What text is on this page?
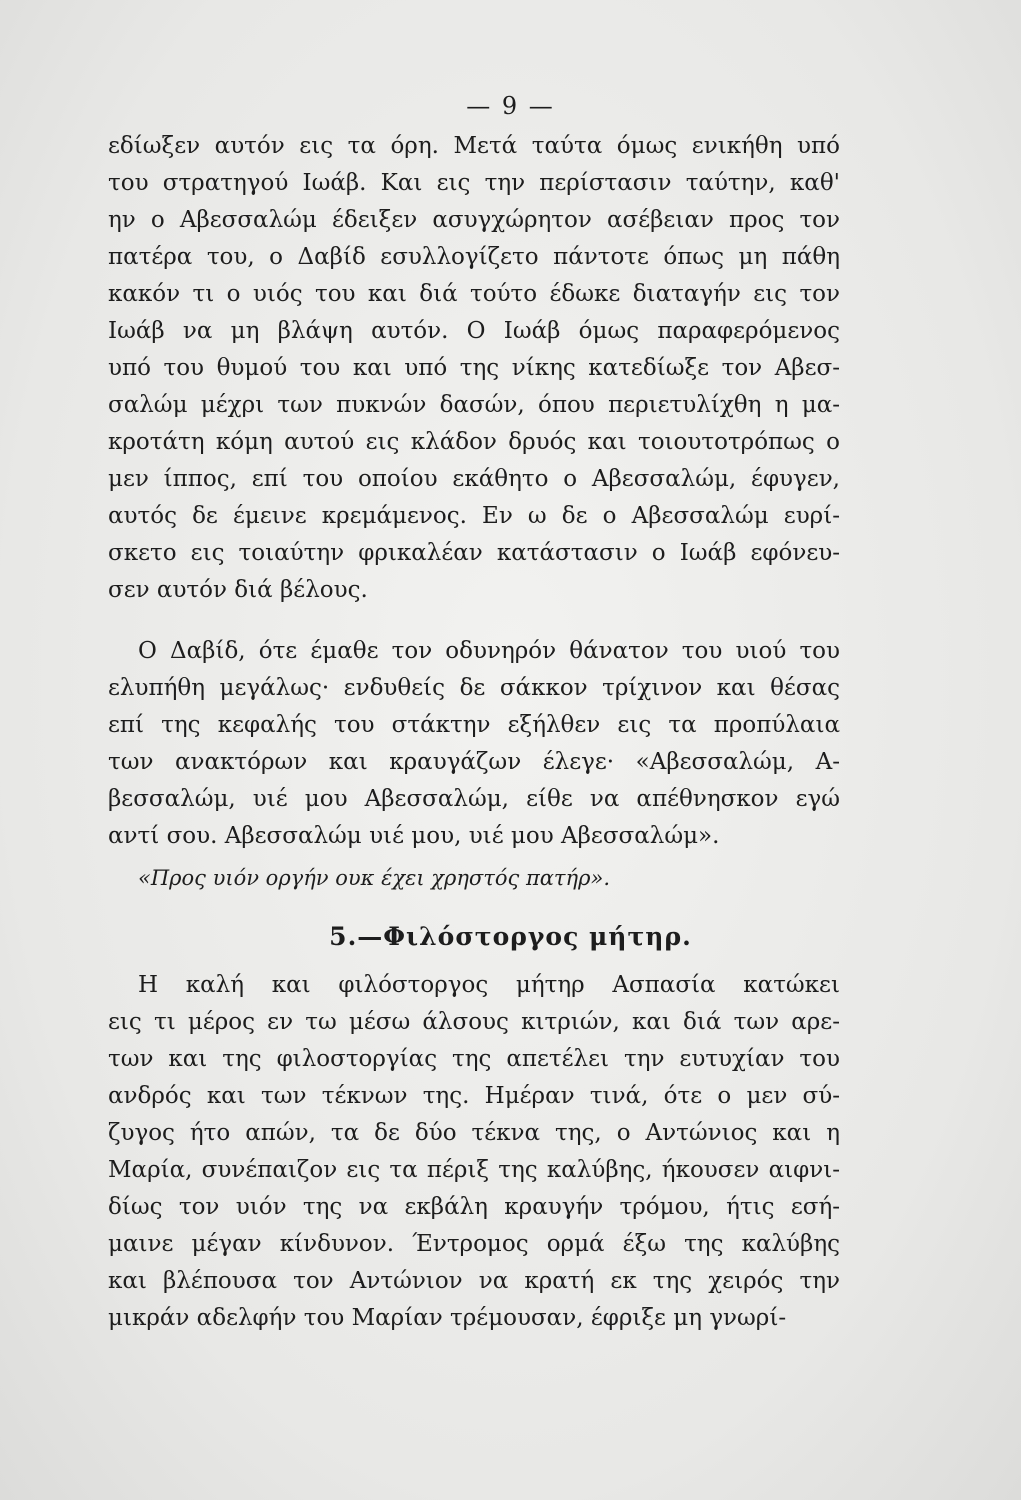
— 9 —
εδίωξεν αυτόν εις τα όρη. Μετά ταύτα όμως ενικήθη υπό
του στρατηγού Ιωάβ. Και εις την περίστασιν ταύτην, καθ'
ην ο Αβεσσαλώμ έδειξεν ασυγχώρητον ασέβειαν προς τον
πατέρα του, ο Δαβίδ εσυλλογίζετο πάντοτε όπως μη πάθη
κακόν τι ο υιός του και διά τούτο έδωκε διαταγήν εις τον
Ιωάβ να μη βλάψη αυτόν. Ο Ιωάβ όμως παραφερόμενος
υπό του θυμού του και υπό της νίκης κατεδίωξε τον Αβεσ-
σαλώμ μέχρι των πυκνών δασών, όπου περιετυλίχθη η μα-
κροτάτη κόμη αυτού εις κλάδον δρυός και τοιουτοτρόπως ο
μεν ίππος, επί του οποίου εκάθητο ο Αβεσσαλώμ, έφυγεν,
αυτός δε έμεινε κρεμάμενος. Εν ω δε ο Αβεσσαλώμ ευρί-
σκετο εις τοιαύτην φρικαλέαν κατάστασιν ο Ιωάβ εφόνευ-
σεν αυτόν διά βέλους.
Ο Δαβίδ, ότε έμαθε τον οδυνηρόν θάνατον του υιού του
ελυπήθη μεγάλως· ενδυθείς δε σάκκον τρίχινον και θέσας
επί της κεφαλής του στάκτην εξήλθεν εις τα προπύλαια
των ανακτόρων και κραυγάζων έλεγε· «Αβεσσαλώμ, Α-
βεσσαλώμ, υιέ μου Αβεσσαλώμ, είθε να απέθνησκον εγώ
αντί σου. Αβεσσαλώμ υιέ μου, υιέ μου Αβεσσαλώμ».
«Προς υιόν οργήν ουκ έχει χρηστός πατήρ».
5.—Φιλόστοργος μήτηρ.
Η καλή και φιλόστοργος μήτηρ Ασπασία κατώκει
εις τι μέρος εν τω μέσω άλσους κιτριών, και διά των αρε-
των και της φιλοστοργίας της απετέλει την ευτυχίαν του
ανδρός και των τέκνων της. Ημέραν τινά, ότε ο μεν σύ-
ζυγος ήτο απών, τα δε δύο τέκνα της, ο Αντώνιος και η
Μαρία, συνέπαιζον εις τα πέριξ της καλύβης, ήκουσεν αιφνι-
δίως τον υιόν της να εκβάλη κραυγήν τρόμου, ήτις εσή-
μαινε μέγαν κίνδυνον. Έντρομος ορμά έξω της καλύβης
και βλέπουσα τον Αντώνιον να κρατή εκ της χειρός την
μικράν αδελφήν του Μαρίαν τρέμουσαν, έφριξε μη γνωρί-
